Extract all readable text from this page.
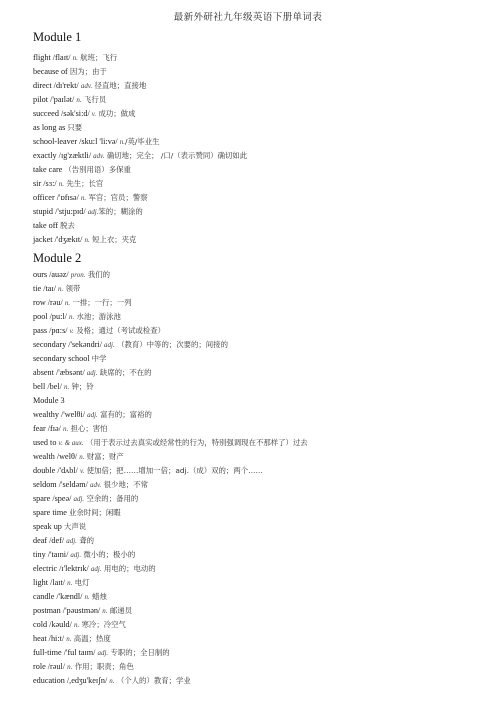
最新外研社九年级英语下册单词表
Module 1
flight /flaɪt/ n. 航班；飞行
because of 因为；由于
direct /dɪ'rekt/ adv. 径直地；直接地
pilot /'paɪlət/ n. 飞行员
succeed /sək'si:d/ v. 成功；做成
as long as 只要
school-leaver /sku:l 'li:və/ n./英/毕业生
exactly /ɪg'zæktli/ adv. 确切地；完全； /口/（表示赞同）确切如此
take care （告别用语）多保重
sir /sɜ:/ n. 先生；长官
officer /'ɒfɪsə/ n. 军官；官员；警察
stupid /'stju:pɪd/ adj.笨的；糊涂的
take off 脱去
jacket /'dʒækɪt/ n. 短上衣；夹克
Module 2
ours /auəz/ pron. 我们的
tie /taɪ/ n. 领带
row /rəu/ n. 一排；一行；一列
pool /pu:l/ n. 水池；游泳池
pass /pɑ:s/ v. 及格；通过（考试或检查）
secondary /'sekəndri/ adj. （教育）中等的；次要的；间接的
secondary school 中学
absent /'æbsənt/ adj. 缺席的；不在的
bell /bel/ n. 钟；铃
Module 3
wealthy /'welθi/ adj. 富有的；富裕的
fear /fɪə/ n. 担心；害怕
used to v. & aux. （用于表示过去真实或经常性的行为，特别强调现在不那样了）过去
wealth /welθ/ n. 财富；财产
double /'dʌbl/ v. 使加倍；把……增加一倍；adj.（成）双的；两个……
seldom /'seldəm/ adv. 很少地；不常
spare /speə/ adj. 空余的；备用的
spare time 业余时间；闲暇
speak up 大声说
deaf /def/ adj. 聋的
tiny /'taɪni/ adj. 微小的；极小的
electric /ɪ'lektrɪk/ adj. 用电的；电动的
light /laɪt/ n. 电灯
candle /'kændl/ n. 蜡烛
postman /'pəustmən/ n. 邮递员
cold /kəuld/ n. 寒冷；冷空气
heat /hi:t/ n. 高温；热度
full-time /'ful taɪm/ adj. 专职的；全日制的
role /rəul/ n. 作用；职责；角色
education /,edʒu'keɪʃn/ n. （个人的）教育；学业
